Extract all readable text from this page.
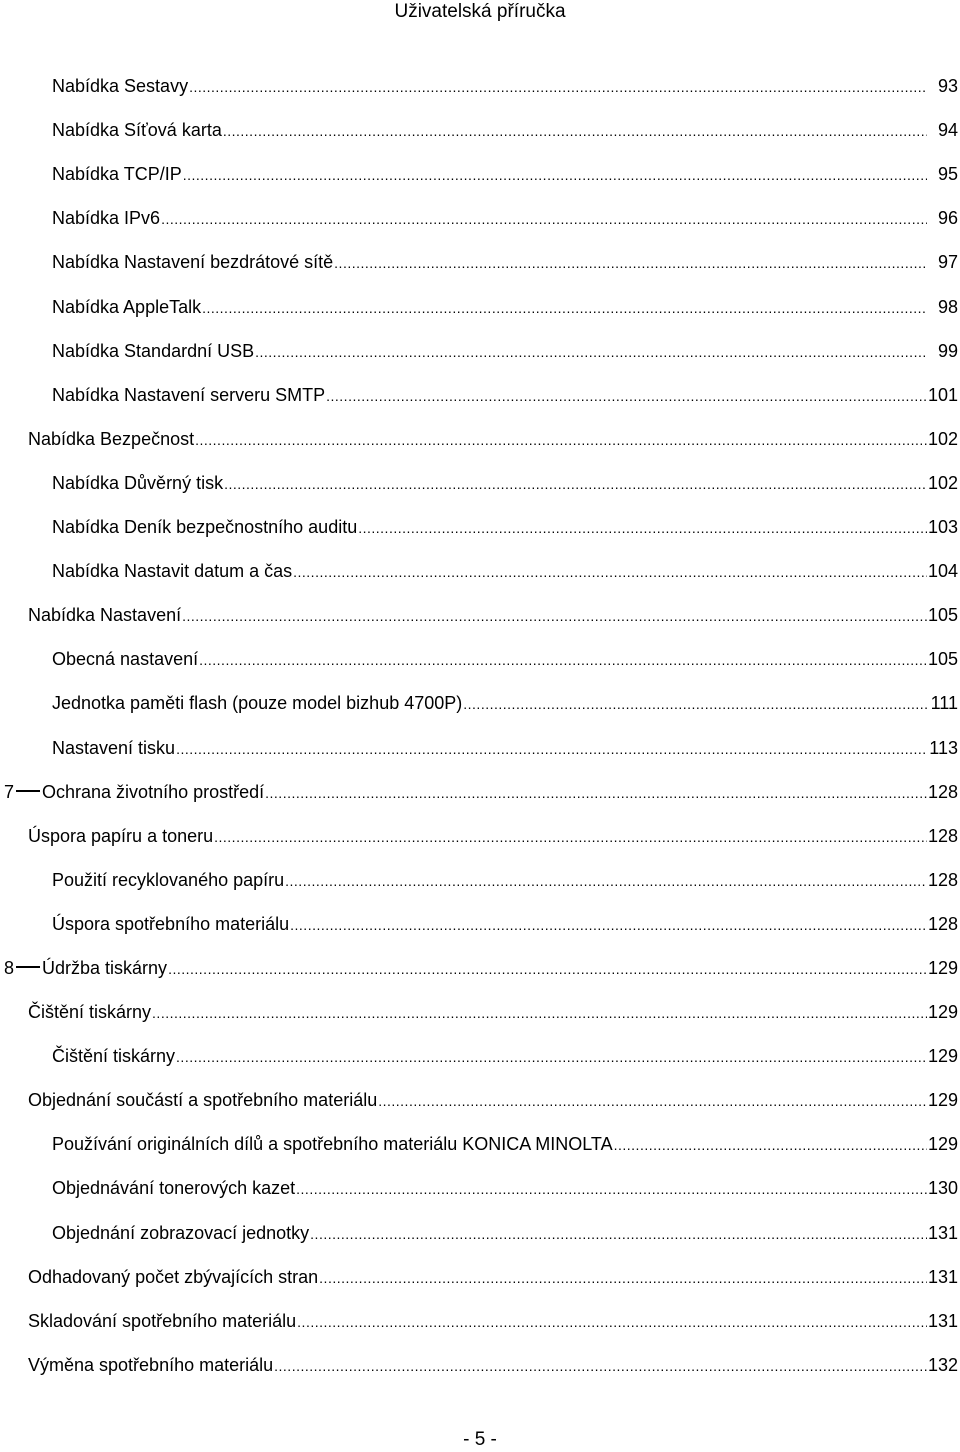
Uživatelská příručka
Nabídka Sestavy .....	93
Nabídka Síťová karta .....	94
Nabídka TCP/IP .....	95
Nabídka IPv6 .....	96
Nabídka Nastavení bezdrátové sítě .....	97
Nabídka AppleTalk .....	98
Nabídka Standardní USB .....	99
Nabídka Nastavení serveru SMTP .....	101
Nabídka Bezpečnost .....	102
Nabídka Důvěrný tisk .....	102
Nabídka Deník bezpečnostního auditu .....	103
Nabídka Nastavit datum a čas .....	104
Nabídka Nastavení .....	105
Obecná nastavení .....	105
Jednotka paměti flash (pouze model bizhub 4700P) .....	111
Nastavení tisku .....	113
7 Ochrana životního prostředí .....	128
Úspora papíru a toneru .....	128
Použití recyklovaného papíru .....	128
Úspora spotřebního materiálu .....	128
8 Údržba tiskárny .....	129
Čištění tiskárny .....	129
Čištění tiskárny .....	129
Objednání součástí a spotřebního materiálu .....	129
Používání originálních dílů a spotřebního materiálu KONICA MINOLTA .....	129
Objednávání tonerových kazet .....	130
Objednání zobrazovací jednotky .....	131
Odhadovaný počet zbývajících stran .....	131
Skladování spotřebního materiálu .....	131
Výměna spotřebního materiálu .....	132
- 5 -
